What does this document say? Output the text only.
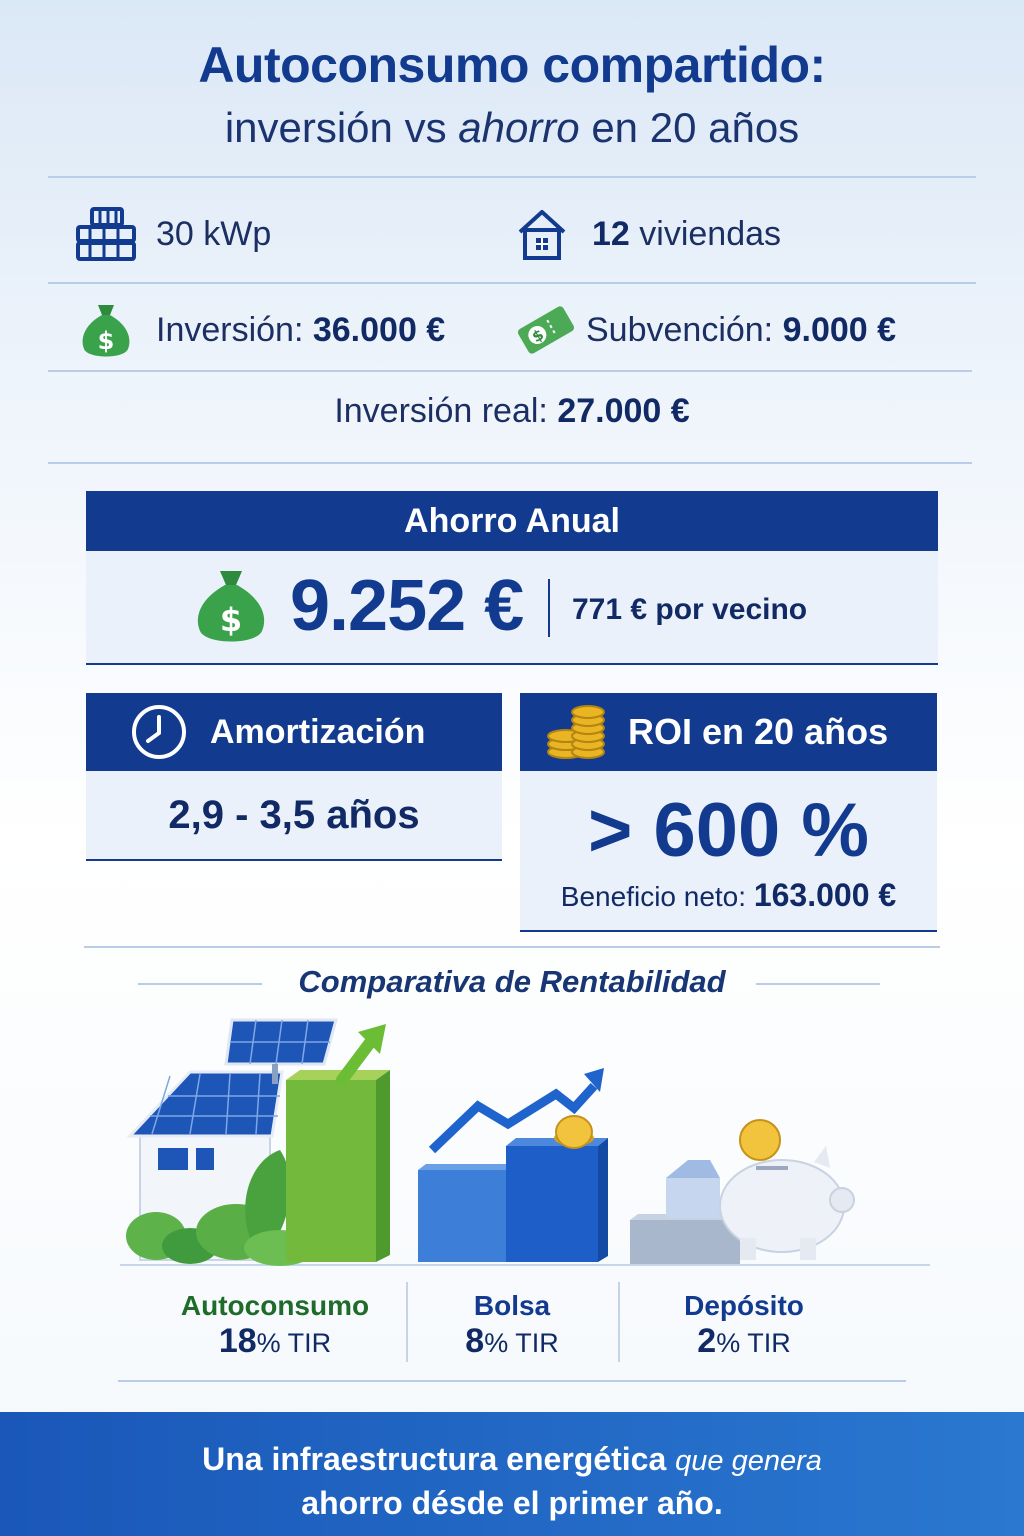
Autoconsumo compartido:
inversión vs ahorro en 20 años
30 kWp	12 viviendas
$ Inversión:
36.000 €	$ Subvención:
9.000 €
Inversión real:
27.000 €
Ahorro Anual
$ 9.252 € 771 € por vecino
Amortización
2,9 - 3,5 años
ROI en 20 años
> 600 %
Beneficio neto: 163.000 €
Comparativa de Rentabilidad
Autoconsumo
18% TIR
Bolsa
8% TIR
Depósito
2% TIR
Una infraestructura energética que genera
ahorro désde el primer año.
